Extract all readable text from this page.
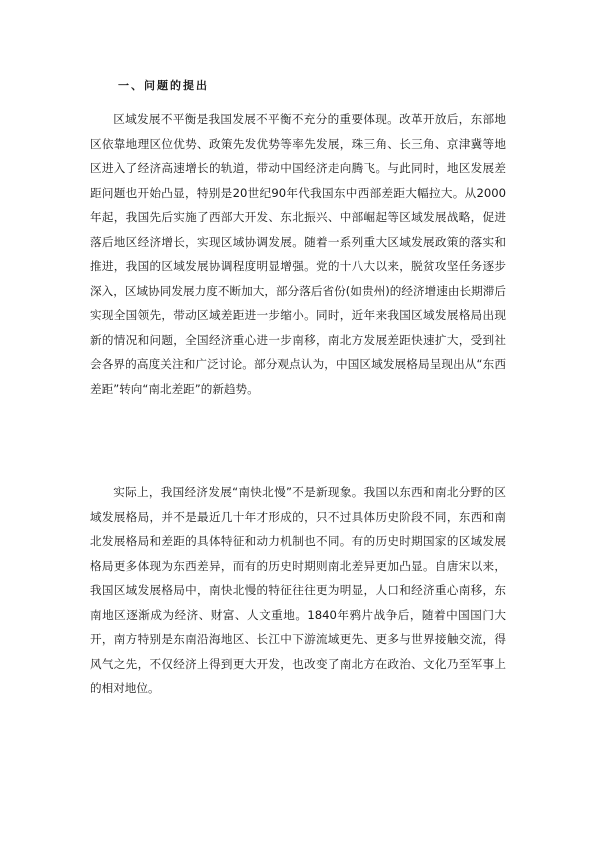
一、问题的提出

区域发展不平衡是我国发展不平衡不充分的重要体现。改革开放后，东部地区依靠地理区位优势、政策先发优势等率先发展，珠三角、长三角、京津冀等地区进入了经济高速增长的轨道，带动中国经济走向腾飞。与此同时，地区发展差距问题也开始凸显，特别是20世纪90年代我国东中西部差距大幅拉大。从2000年起，我国先后实施了西部大开发、东北振兴、中部崛起等区域发展战略，促进落后地区经济增长，实现区域协调发展。随着一系列重大区域发展政策的落实和推进，我国的区域发展协调程度明显增强。党的十八大以来，脱贫攻坚任务逐步深入，区域协同发展力度不断加大，部分落后省份(如贵州)的经济增速由长期滞后实现全国领先，带动区域差距进一步缩小。同时，近年来我国区域发展格局出现新的情况和问题，全国经济重心进一步南移，南北方发展差距快速扩大，受到社会各界的高度关注和广泛讨论。部分观点认为，中国区域发展格局呈现出从“东西差距”转向“南北差距”的新趋势。

实际上，我国经济发展“南快北慢”不是新现象。我国以东西和南北分野的区域发展格局，并不是最近几十年才形成的，只不过具体历史阶段不同，东西和南北发展格局和差距的具体特征和动力机制也不同。有的历史时期国家的区域发展格局更多体现为东西差异，而有的历史时期则南北差异更加凸显。自唐宋以来，我国区域发展格局中，南快北慢的特征往往更为明显，人口和经济重心南移，东南地区逐渐成为经济、财富、人文重地。1840年鸦片战争后，随着中国国门大开，南方特别是东南沿海地区、长江中下游流域更先、更多与世界接触交流，得风气之先，不仅经济上得到更大开发，也改变了南北方在政治、文化乃至军事上的相对地位。
